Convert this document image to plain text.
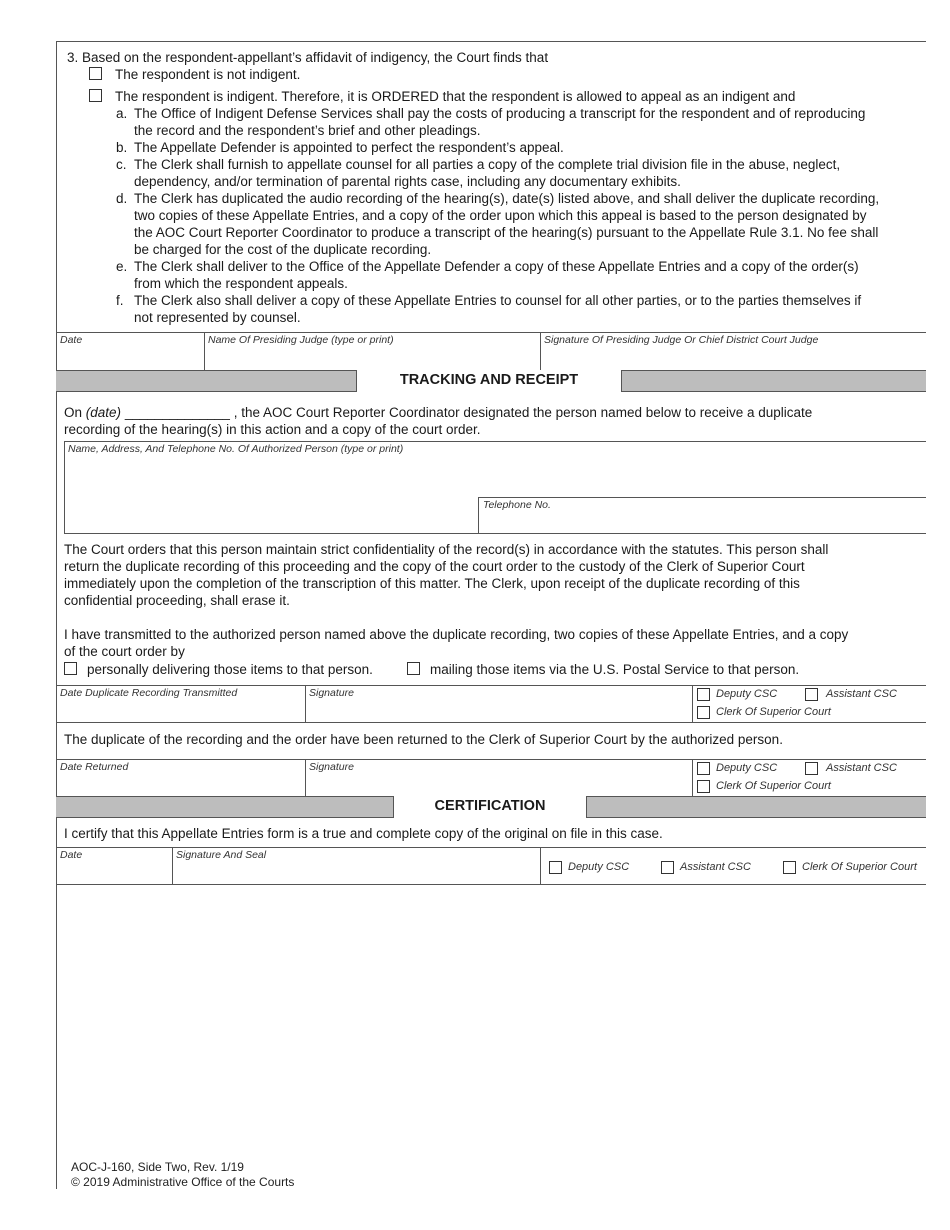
3. Based on the respondent-appellant’s affidavit of indigency, the Court finds that
The respondent is not indigent.
The respondent is indigent. Therefore, it is ORDERED that the respondent is allowed to appeal as an indigent and
a. The Office of Indigent Defense Services shall pay the costs of producing a transcript for the respondent and of reproducing
the record and the respondent’s brief and other pleadings.
b. The Appellate Defender is appointed to perfect the respondent’s appeal.
c. The Clerk shall furnish to appellate counsel for all parties a copy of the complete trial division file in the abuse, neglect,
dependency, and/or termination of parental rights case, including any documentary exhibits.
d. The Clerk has duplicated the audio recording of the hearing(s), date(s) listed above, and shall deliver the duplicate recording,
two copies of these Appellate Entries, and a copy of the order upon which this appeal is based to the person designated by
the AOC Court Reporter Coordinator to produce a transcript of the hearing(s) pursuant to the Appellate Rule 3.1. No fee shall
be charged for the cost of the duplicate recording.
e. The Clerk shall deliver to the Office of the Appellate Defender a copy of these Appellate Entries and a copy of the order(s)
from which the respondent appeals.
f. The Clerk also shall deliver a copy of these Appellate Entries to counsel for all other parties, or to the parties themselves if
not represented by counsel.
Date	Name Of Presiding Judge (type or print)	Signature Of Presiding Judge Or Chief District Court Judge
TRACKING AND RECEIPT
On (date) ______________ , the AOC Court Reporter Coordinator designated the person named below to receive a duplicate
recording of the hearing(s) in this action and a copy of the court order.
Name, Address, And Telephone No. Of Authorized Person (type or print)
Telephone No.
The Court orders that this person maintain strict confidentiality of the record(s) in accordance with the statutes. This person shall
return the duplicate recording of this proceeding and the copy of the court order to the custody of the Clerk of Superior Court
immediately upon the completion of the transcription of this matter. The Clerk, upon receipt of the duplicate recording of this
confidential proceeding, shall erase it.
I have transmitted to the authorized person named above the duplicate recording, two copies of these Appellate Entries, and a copy
of the court order by
personally delivering those items to that person.	mailing those items via the U.S. Postal Service to that person.
Date Duplicate Recording Transmitted	Signature	Deputy CSC	Assistant CSC
Clerk Of Superior Court
The duplicate of the recording and the order have been returned to the Clerk of Superior Court by the authorized person.
Date Returned	Signature	Deputy CSC	Assistant CSC
Clerk Of Superior Court
CERTIFICATION
I certify that this Appellate Entries form is a true and complete copy of the original on file in this case.
Date	Signature And Seal
Deputy CSC	Assistant CSC	Clerk Of Superior Court
AOC-J-160, Side Two, Rev. 1/19
© 2019 Administrative Office of the Courts
